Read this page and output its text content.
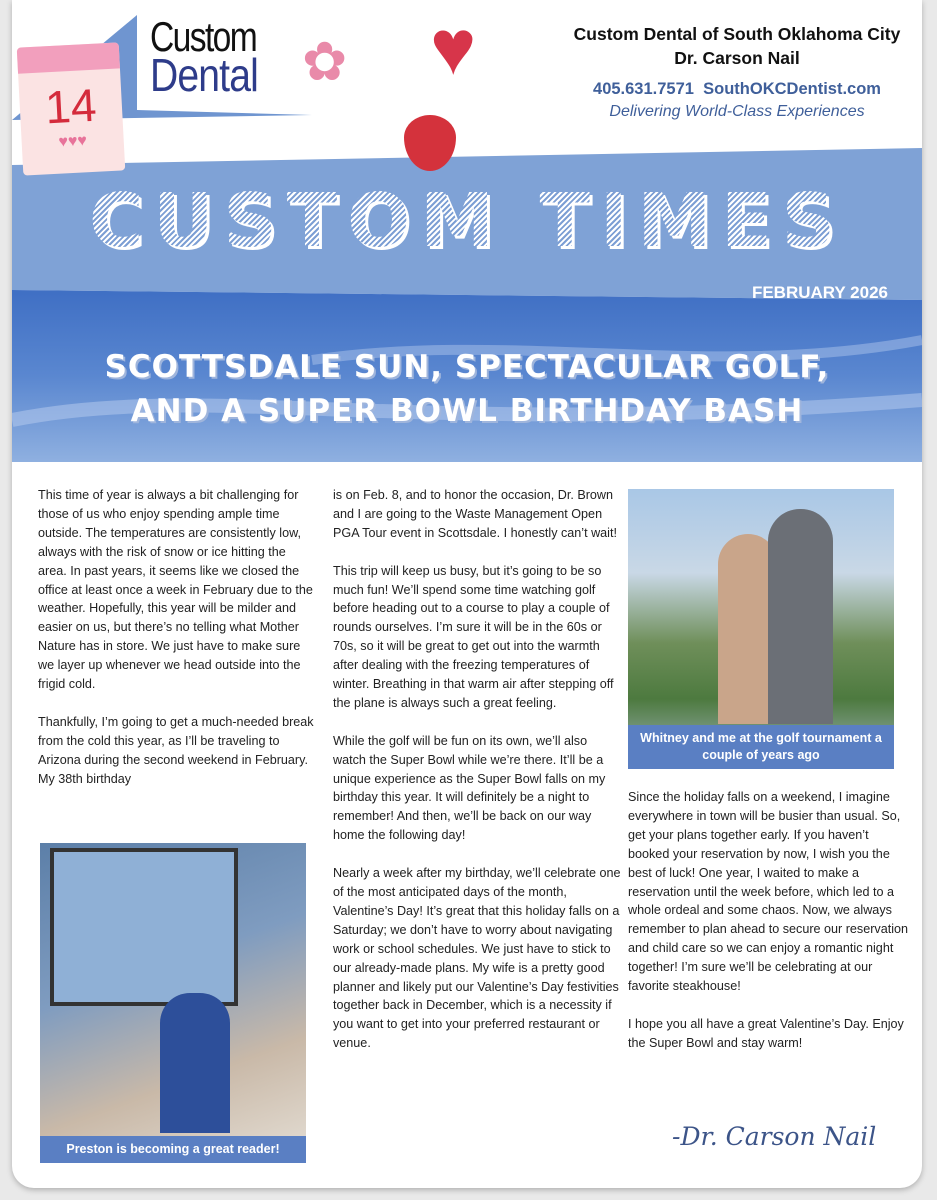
14
♥♥♥
Custom
Dental ✿ ♥	Custom Dental of South Oklahoma City
Dr. Carson Nail
405.631.7571 SouthOKCDentist.com
Delivering World-Class Experiences
CUSTOM TIMES
FEBRUARY 2026
SCOTTSDALE SUN, SPECTACULAR GOLF,
AND A SUPER BOWL BIRTHDAY BASH

This time of year is always a bit challenging for those of us who enjoy spending ample time outside. The temperatures are consistently low, always with the risk of snow or ice hitting the area. In past years, it seems like we closed the office at least once a week in February due to the weather. Hopefully, this year will be milder and easier on us, but there’s no telling what Mother Nature has in store. We just have to make sure we layer up whenever we head outside into the frigid cold.

Thankfully, I’m going to get a much-needed break from the cold this year, as I’ll be traveling to Arizona during the second weekend in February. My 38th birthday

Preston is becoming a great reader!

is on Feb. 8, and to honor the occasion, Dr. Brown and I are going to the Waste Management Open PGA Tour event in Scottsdale. I honestly can’t wait!

This trip will keep us busy, but it’s going to be so much fun! We’ll spend some time watching golf before heading out to a course to play a couple of rounds ourselves. I’m sure it will be in the 60s or 70s, so it will be great to get out into the warmth after dealing with the freezing temperatures of winter. Breathing in that warm air after stepping off the plane is always such a great feeling.

While the golf will be fun on its own, we’ll also watch the Super Bowl while we’re there. It’ll be a unique experience as the Super Bowl falls on my birthday this year. It will definitely be a night to remember! And then, we’ll be back on our way home the following day!

Nearly a week after my birthday, we’ll celebrate one of the most anticipated days of the month, Valentine’s Day! It’s great that this holiday falls on a Saturday; we don’t have to worry about navigating work or school schedules. We just have to stick to our already-made plans. My wife is a pretty good planner and likely put our Valentine’s Day festivities together back in December, which is a necessity if you want to get into your preferred restaurant or venue.

Whitney and me at the golf tournament a couple of years ago

Since the holiday falls on a weekend, I imagine everywhere in town will be busier than usual. So, get your plans together early. If you haven’t booked your reservation by now, I wish you the best of luck! One year, I waited to make a reservation until the week before, which led to a whole ordeal and some chaos. Now, we always remember to plan ahead to secure our reservation and child care so we can enjoy a romantic night together! I’m sure we’ll be celebrating at our favorite steakhouse!

I hope you all have a great Valentine’s Day. Enjoy the Super Bowl and stay warm!

-Dr. Carson Nail
